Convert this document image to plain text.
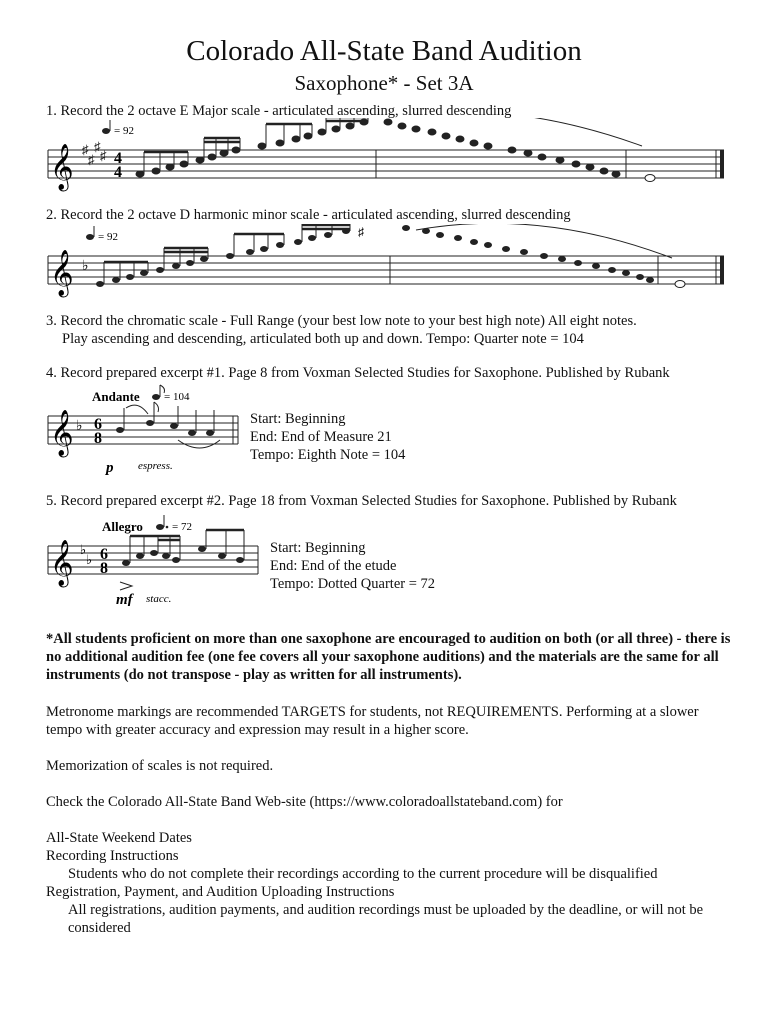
Colorado All-State Band Audition
Saxophone* - Set 3A
1. Record the 2 octave E Major scale - articulated ascending, slurred descending
𝄞 ♯
♯
♯
♯ 4
4
= 92
2. Record the 2 octave D harmonic minor scale - articulated ascending, slurred descending
𝄞 ♭
= 92	♯
3. Record the chromatic scale - Full Range (your best low note to your best high note) All eight notes.
Play ascending and descending, articulated both up and down. Tempo: Quarter note = 104
4. Record prepared excerpt #1. Page 8 from Voxman Selected Studies for Saxophone. Published by Rubank
Andante = 104
𝄞 ♭ 6
8
p espress.
Start: Beginning
End: End of Measure 21
Tempo: Eighth Note = 104
5. Record prepared excerpt #2. Page 18 from Voxman Selected Studies for Saxophone. Published by Rubank
Allegro	= 72
𝄞 ♭
♭ 6
8
mf stacc.
Start: Beginning
End: End of the etude
Tempo: Dotted Quarter = 72
*All students proficient on more than one saxophone are encouraged to audition on both (or all three) - there is no additional audition fee (one fee covers all your saxophone auditions) and the materials are the same for all instruments (do not transpose - play as written for all instruments).
Metronome markings are recommended TARGETS for students, not REQUIREMENTS. Performing at a slower tempo with greater accuracy and expression may result in a higher score.
Memorization of scales is not required.
Check the Colorado All-State Band Web-site (https://www.coloradoallstateband.com) for
All-State Weekend Dates
Recording Instructions
Students who do not complete their recordings according to the current procedure will be disqualified
Registration, Payment, and Audition Uploading Instructions
All registrations, audition payments, and audition recordings must be uploaded by the deadline, or will not be considered
